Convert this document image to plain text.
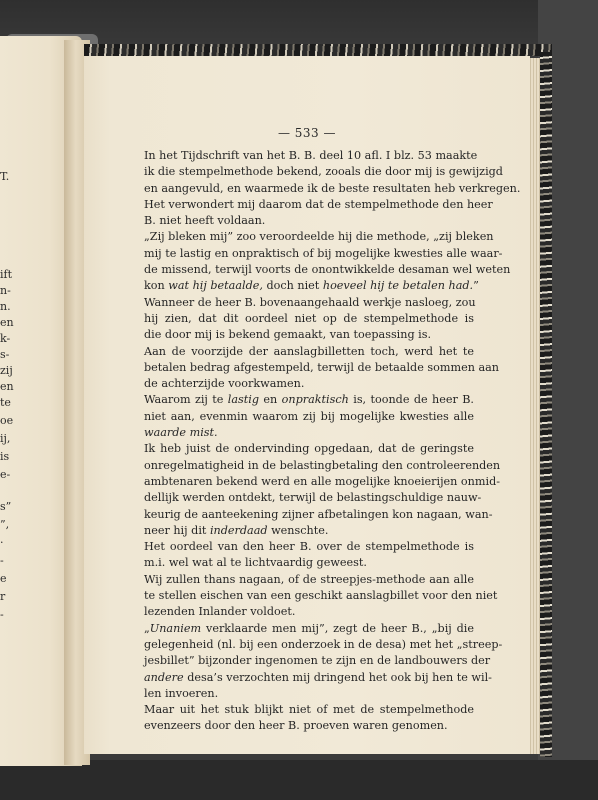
T.
ift
n-
n.
en
k-
s-
zij
en
te
oe
ij,
is
e-
s”
”,
·
-
e
r
-
— 533 —
In het Tijdschrift van het B. B. deel 10 afl. I blz. 53 maakte
ik die stempelmethode bekend, zooals die door mij is gewijzigd
en aangevuld, en waarmede ik de beste resultaten heb verkregen.
Het verwondert mij daarom dat de stempelmethode den heer
B. niet heeft voldaan.
„Zij bleken mij” zoo veroordeelde hij die methode, „zij bleken
mij te lastig en onpraktisch of bij mogelijke kwesties alle waar-
de missend, terwijl voorts de onontwikkelde desaman wel weten
kon wat hij betaalde, doch niet hoeveel hij te betalen had.”
Wanneer de heer B. bovenaangehaald werkje nasloeg, zou
hij zien, dat dit oordeel niet op de stempelmethode is
die door mij is bekend gemaakt, van toepassing is.
Aan de voorzijde der aanslagbilletten toch, werd het te
betalen bedrag afgestempeld, terwijl de betaalde sommen aan
de achterzijde voorkwamen.
Waarom zij te lastig en onpraktisch is, toonde de heer B.
niet aan, evenmin waarom zij bij mogelijke kwesties alle
waarde mist.
Ik heb juist de ondervinding opgedaan, dat de geringste
onregelmatigheid in de belastingbetaling den controleerenden
ambtenaren bekend werd en alle mogelijke knoeierijen onmid-
dellijk werden ontdekt, terwijl de belastingschuldige nauw-
keurig de aanteekening zijner afbetalingen kon nagaan, wan-
neer hij dit inderdaad wenschte.
Het oordeel van den heer B. over de stempelmethode is
m.i. wel wat al te lichtvaardig geweest.
Wij zullen thans nagaan, of de streepjes-methode aan alle
te stellen eischen van een geschikt aanslagbillet voor den niet
lezenden Inlander voldoet.
„Unaniem verklaarde men mij”, zegt de heer B., „bij die
gelegenheid (nl. bij een onderzoek in de desa) met het „streep-
jesbillet” bijzonder ingenomen te zijn en de landbouwers der
andere desa’s verzochten mij dringend het ook bij hen te wil-
len invoeren.
Maar uit het stuk blijkt niet of met de stempelmethode
evenzeers door den heer B. proeven waren genomen.
